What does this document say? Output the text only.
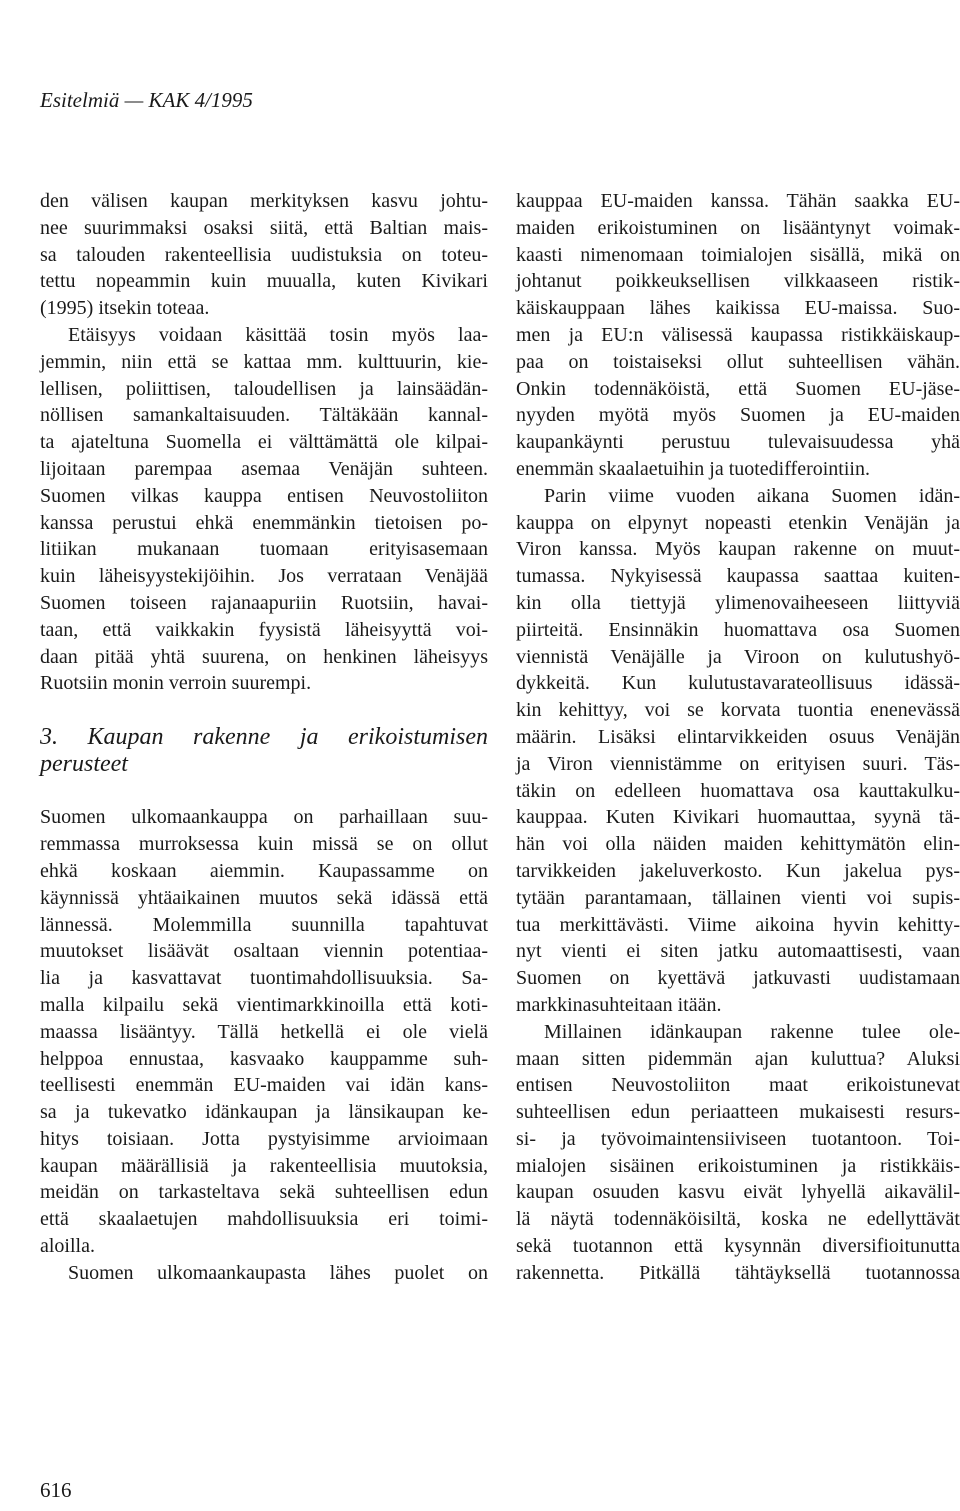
Esitelmiä — KAK 4/1995
den välisen kaupan merkityksen kasvu johtu-
nee suurimmaksi osaksi siitä, että Baltian mais-
sa talouden rakenteellisia uudistuksia on toteu-
tettu nopeammin kuin muualla, kuten Kivikari
(1995) itsekin toteaa.
Etäisyys voidaan käsittää tosin myös laa-
jemmin, niin että se kattaa mm. kulttuurin, kie-
lellisen, poliittisen, taloudellisen ja lainsäädän-
nöllisen samankaltaisuuden. Tältäkään kannal-
ta ajateltuna Suomella ei välttämättä ole kilpai-
lijoitaan parempaa asemaa Venäjän suhteen.
Suomen vilkas kauppa entisen Neuvostoliiton
kanssa perustui ehkä enemmänkin tietoisen po-
litiikan mukanaan tuomaan erityisasemaan
kuin läheisyystekijöihin. Jos verrataan Venäjää
Suomen toiseen rajanaapuriin Ruotsiin, havai-
taan, että vaikkakin fyysistä läheisyyttä voi-
daan pitää yhtä suurena, on henkinen läheisyys
Ruotsiin monin verroin suurempi.
3. Kaupan rakenne ja erikoistumisen
perusteet
Suomen ulkomaankauppa on parhaillaan suu-
remmassa murroksessa kuin missä se on ollut
ehkä koskaan aiemmin. Kaupassamme on
käynnissä yhtäaikainen muutos sekä idässä että
lännessä. Molemmilla suunnilla tapahtuvat
muutokset lisäävät osaltaan viennin potentiaa-
lia ja kasvattavat tuontimahdollisuuksia. Sa-
malla kilpailu sekä vientimarkkinoilla että koti-
maassa lisääntyy. Tällä hetkellä ei ole vielä
helppoa ennustaa, kasvaako kauppamme suh-
teellisesti enemmän EU-maiden vai idän kans-
sa ja tukevatko idänkaupan ja länsikaupan ke-
hitys toisiaan. Jotta pystyisimme arvioimaan
kaupan määrällisiä ja rakenteellisia muutoksia,
meidän on tarkasteltava sekä suhteellisen edun
että skaalaetujen mahdollisuuksia eri toimi-
aloilla.
Suomen ulkomaankaupasta lähes puolet on
kauppaa EU-maiden kanssa. Tähän saakka EU-
maiden erikoistuminen on lisääntynyt voimak-
kaasti nimenomaan toimialojen sisällä, mikä on
johtanut poikkeuksellisen vilkkaaseen ristik-
käiskauppaan lähes kaikissa EU-maissa. Suo-
men ja EU:n välisessä kaupassa ristikkäiskaup-
paa on toistaiseksi ollut suhteellisen vähän.
Onkin todennäköistä, että Suomen EU-jäse-
nyyden myötä myös Suomen ja EU-maiden
kaupankäynti perustuu tulevaisuudessa yhä
enemmän skaalaetuihin ja tuotedifferointiin.
Parin viime vuoden aikana Suomen idän-
kauppa on elpynyt nopeasti etenkin Venäjän ja
Viron kanssa. Myös kaupan rakenne on muut-
tumassa. Nykyisessä kaupassa saattaa kuiten-
kin olla tiettyjä ylimenovaiheeseen liittyviä
piirteitä. Ensinnäkin huomattava osa Suomen
viennistä Venäjälle ja Viroon on kulutushyö-
dykkeitä. Kun kulutustavarateollisuus idässä-
kin kehittyy, voi se korvata tuontia enenevässä
määrin. Lisäksi elintarvikkeiden osuus Venäjän
ja Viron viennistämme on erityisen suuri. Täs-
täkin on edelleen huomattava osa kauttakulku-
kauppaa. Kuten Kivikari huomauttaa, syynä tä-
hän voi olla näiden maiden kehittymätön elin-
tarvikkeiden jakeluverkosto. Kun jakelua pys-
tytään parantamaan, tällainen vienti voi supis-
tua merkittävästi. Viime aikoina hyvin kehitty-
nyt vienti ei siten jatku automaattisesti, vaan
Suomen on kyettävä jatkuvasti uudistamaan
markkinasuhteitaan itään.
Millainen idänkaupan rakenne tulee ole-
maan sitten pidemmän ajan kuluttua? Aluksi
entisen Neuvostoliiton maat erikoistunevat
suhteellisen edun periaatteen mukaisesti resurs-
si- ja työvoimaintensiiviseen tuotantoon. Toi-
mialojen sisäinen erikoistuminen ja ristikkäis-
kaupan osuuden kasvu eivät lyhyellä aikavälil-
lä näytä todennäköisiltä, koska ne edellyttävät
sekä tuotannon että kysynnän diversifioitunutta
rakennetta. Pitkällä tähtäyksellä tuotannossa
616
